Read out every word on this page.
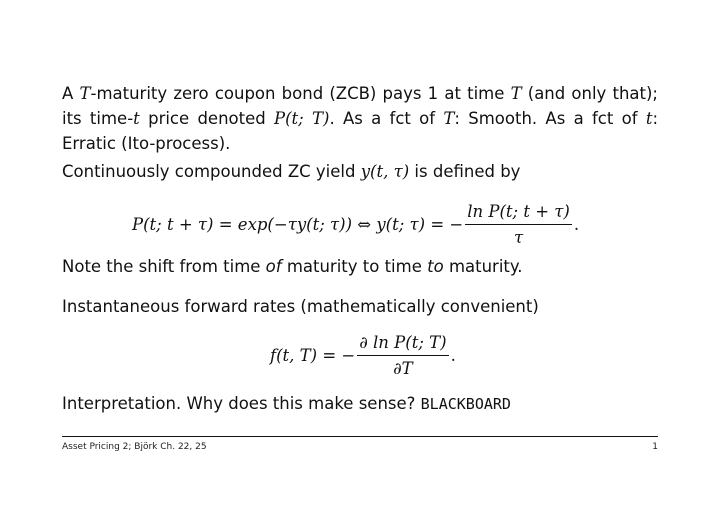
A T-maturity zero coupon bond (ZCB) pays 1 at time T (and only that); its time-t price denoted P(t; T). As a fct of T: Smooth. As a fct of t: Erratic (Ito-process).
Continuously compounded ZC yield y(t, τ) is defined by
P(t; t + τ) = exp(−τy(t; τ)) ⇔ y(t; τ) = − $\frac{\text{ln P(t; t + τ)}}{\tau}$ .
Note the shift from time of maturity to time to maturity.
Instantaneous forward rates (mathematically convenient)
f(t, T) = − $\frac{\text{∂ ln P(t; T)}}{\partial T}$ .
Interpretation. Why does this make sense? BLACKBOARD
Asset Pricing 2; Björk Ch. 22, 25	1
